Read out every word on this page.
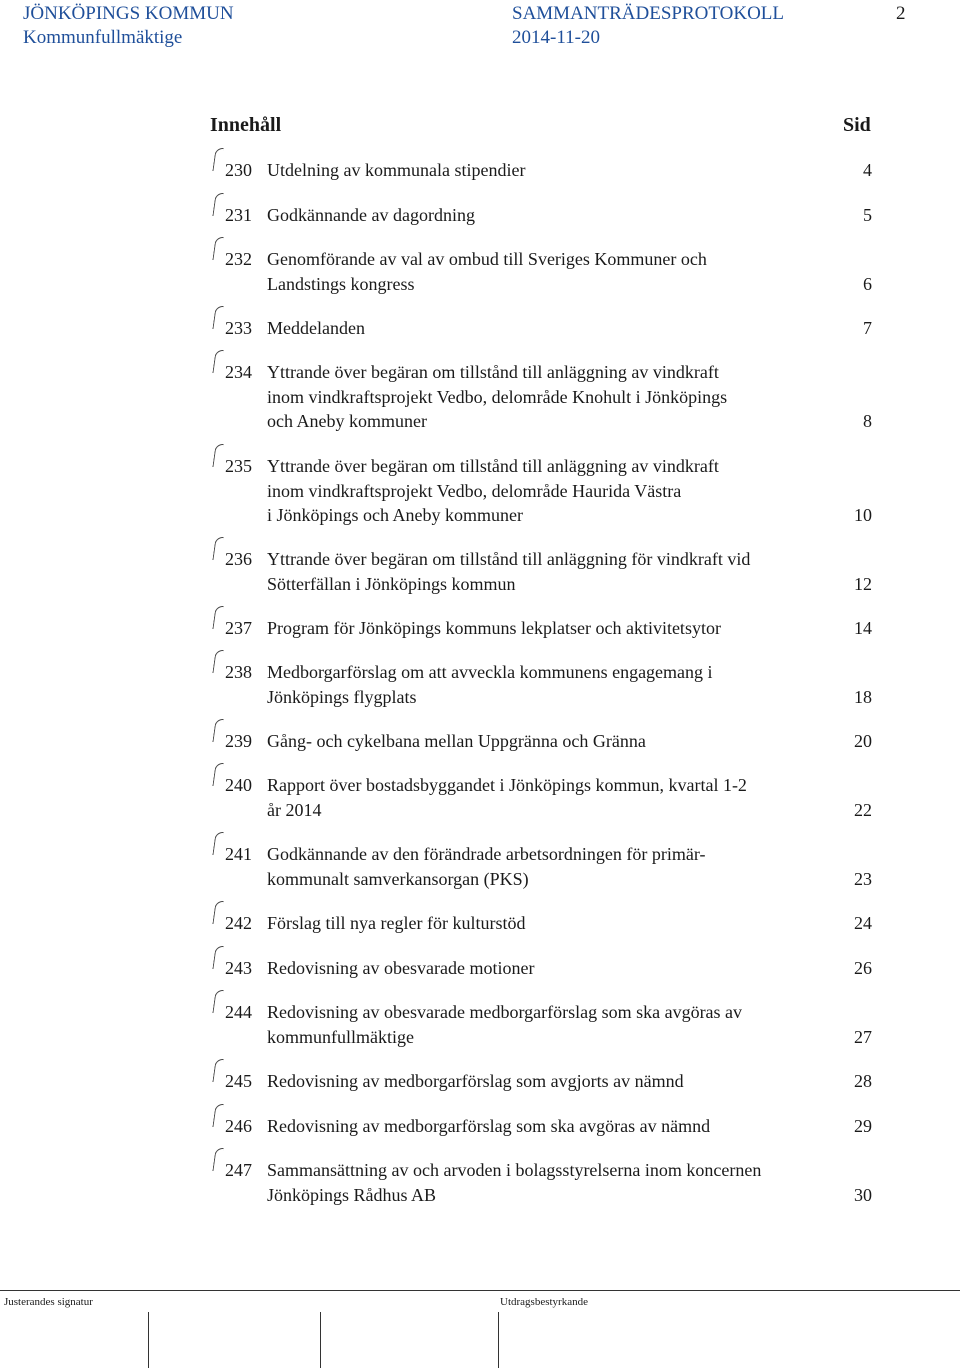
JÖNKÖPINGS KOMMUN
Kommunfullmäktige
SAMMANTRÄDESPROTOKOLL
2014-11-20
2
Innehåll	Sid
230 Utdelning av kommunala stipendier	4
231 Godkännande av dagordning	5
232 Genomförande av val av ombud till Sveriges Kommuner och
Landstings kongress	6
233 Meddelanden	7
234 Yttrande över begäran om tillstånd till anläggning av vindkraft
inom vindkraftsprojekt Vedbo, delområde Knohult i Jönköpings
och Aneby kommuner	8
235 Yttrande över begäran om tillstånd till anläggning av vindkraft
inom vindkraftsprojekt Vedbo, delområde Haurida Västra
i Jönköpings och Aneby kommuner	10
236 Yttrande över begäran om tillstånd till anläggning för vindkraft vid
Sötterfällan i Jönköpings kommun	12
237 Program för Jönköpings kommuns lekplatser och aktivitetsytor	14
238 Medborgarförslag om att avveckla kommunens engagemang i
Jönköpings flygplats	18
239 Gång- och cykelbana mellan Uppgränna och Gränna	20
240 Rapport över bostadsbyggandet i Jönköpings kommun, kvartal 1-2
år 2014	22
241 Godkännande av den förändrade arbetsordningen för primär-
kommunalt samverkansorgan (PKS)	23
242 Förslag till nya regler för kulturstöd	24
243 Redovisning av obesvarade motioner	26
244 Redovisning av obesvarade medborgarförslag som ska avgöras av
kommunfullmäktige	27
245 Redovisning av medborgarförslag som avgjorts av nämnd	28
246 Redovisning av medborgarförslag som ska avgöras av nämnd	29
247 Sammansättning av och arvoden i bolagsstyrelserna inom koncernen
Jönköpings Rådhus AB	30
Justerandes signatur	Utdragsbestyrkande
